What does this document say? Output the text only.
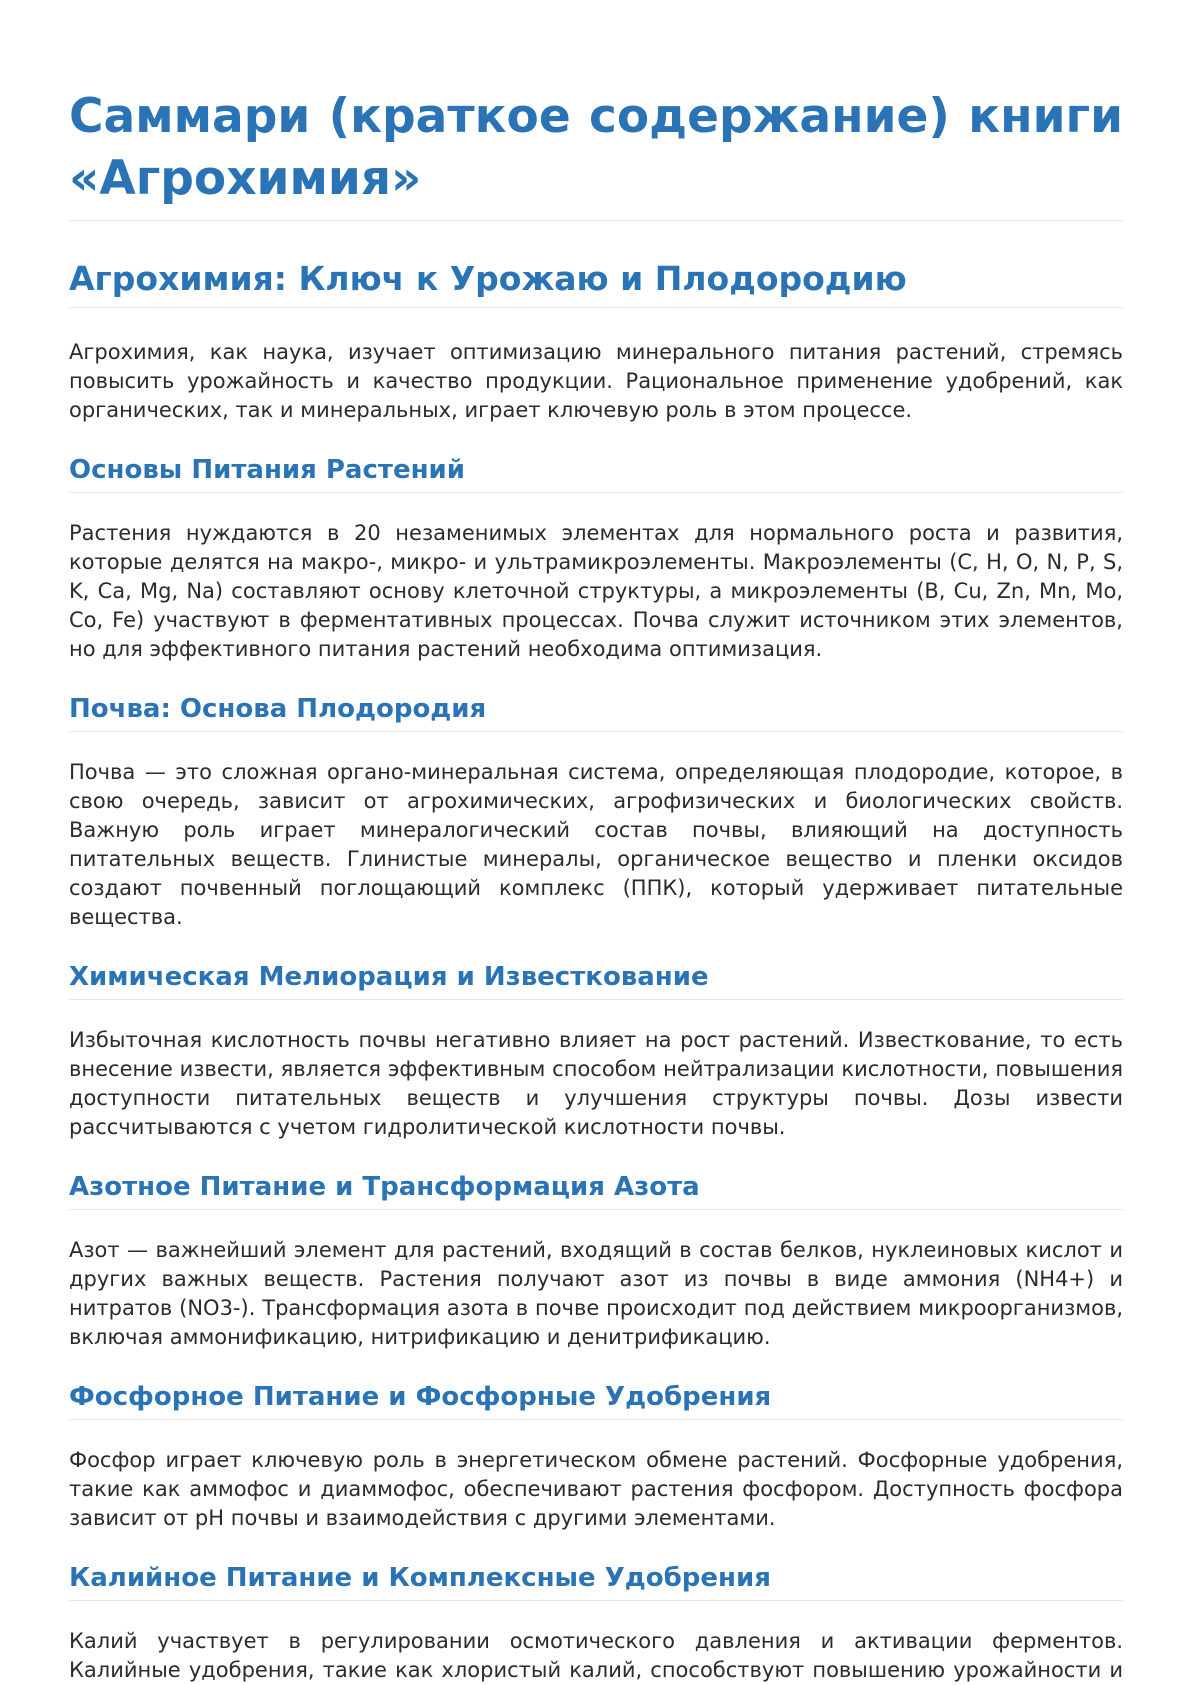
Саммари (краткое содержание) книги «Агрохимия»
Агрохимия: Ключ к Урожаю и Плодородию

Агрохимия, как наука, изучает оптимизацию минерального питания растений, стремясь повысить урожайность и качество продукции. Рациональное применение удобрений, как органических, так и минеральных, играет ключевую роль в этом процессе.

Основы Питания Растений

Растения нуждаются в 20 незаменимых элементах для нормального роста и развития, которые делятся на макро-, микро- и ультрамикроэлементы. Макроэлементы (C, H, O, N, P, S, K, Ca, Mg, Na) составляют основу клеточной структуры, а микроэлементы (B, Cu, Zn, Mn, Mo, Co, Fe) участвуют в ферментативных процессах. Почва служит источником этих элементов, но для эффективного питания растений необходима оптимизация.

Почва: Основа Плодородия

Почва — это сложная органо-минеральная система, определяющая плодородие, которое, в свою очередь, зависит от агрохимических, агрофизических и биологических свойств. Важную роль играет минералогический состав почвы, влияющий на доступность питательных веществ. Глинистые минералы, органическое вещество и пленки оксидов создают почвенный поглощающий комплекс (ППК), который удерживает питательные вещества.

Химическая Мелиорация и Известкование

Избыточная кислотность почвы негативно влияет на рост растений. Известкование, то есть внесение извести, является эффективным способом нейтрализации кислотности, повышения доступности питательных веществ и улучшения структуры почвы. Дозы извести рассчитываются с учетом гидролитической кислотности почвы.

Азотное Питание и Трансформация Азота

Азот — важнейший элемент для растений, входящий в состав белков, нуклеиновых кислот и других важных веществ. Растения получают азот из почвы в виде аммония (NH4+) и нитратов (NO3-). Трансформация азота в почве происходит под действием микроорганизмов, включая аммонификацию, нитрификацию и денитрификацию.

Фосфорное Питание и Фосфорные Удобрения

Фосфор играет ключевую роль в энергетическом обмене растений. Фосфорные удобрения, такие как аммофос и диаммофос, обеспечивают растения фосфором. Доступность фосфора зависит от pH почвы и взаимодействия с другими элементами.

Калийное Питание и Комплексные Удобрения

Калий участвует в регулировании осмотического давления и активации ферментов. Калийные удобрения, такие как хлористый калий, способствуют повышению урожайности и
